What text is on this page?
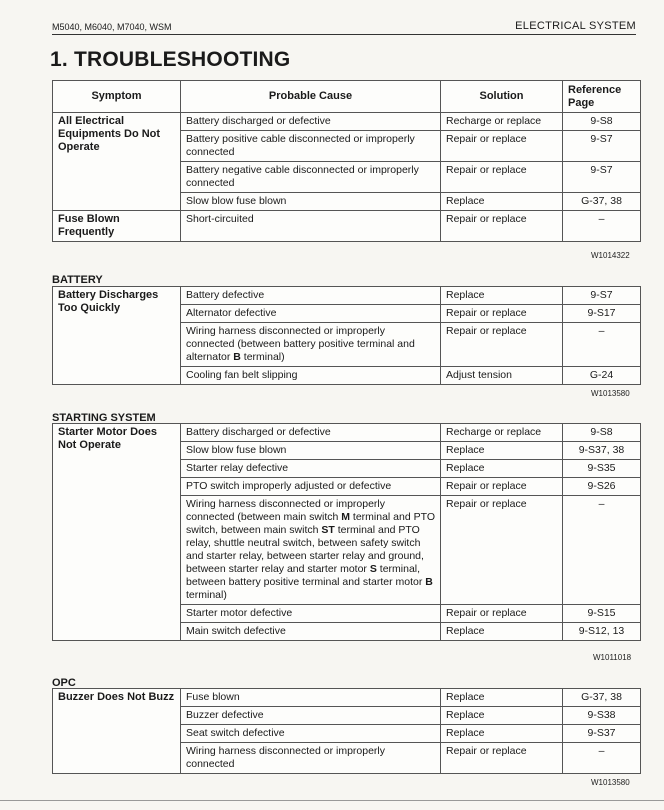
M5040, M6040, M7040, WSM	ELECTRICAL SYSTEM
1. TROUBLESHOOTING
Symptom	Probable Cause	Solution	Reference Page
All Electrical Equipments Do Not Operate	Battery discharged or defective	Recharge or replace	9-S8
	Battery positive cable disconnected or improperly connected	Repair or replace	9-S7
	Battery negative cable disconnected or improperly connected	Repair or replace	9-S7
	Slow blow fuse blown	Replace	G-37, 38
Fuse Blown Frequently	Short-circuited	Repair or replace	–
W1014322
BATTERY
Battery Discharges Too Quickly	Battery defective	Replace	9-S7
	Alternator defective	Repair or replace	9-S17
	Wiring harness disconnected or improperly connected (between battery positive terminal and alternator B terminal)	Repair or replace	–
	Cooling fan belt slipping	Adjust tension	G-24
W1013580
STARTING SYSTEM
Starter Motor Does Not Operate	Battery discharged or defective	Recharge or replace	9-S8
	Slow blow fuse blown	Replace	9-S37, 38
	Starter relay defective	Replace	9-S35
	PTO switch improperly adjusted or defective	Repair or replace	9-S26
	Wiring harness disconnected or improperly connected (between main switch M terminal and PTO switch, between main switch ST terminal and PTO relay, shuttle neutral switch, between safety switch and starter relay, between starter relay and ground, between starter relay and starter motor S terminal, between battery positive terminal and starter motor B terminal)	Repair or replace	–
	Starter motor defective	Repair or replace	9-S15
	Main switch defective	Replace	9-S12, 13
W1011018
OPC
Buzzer Does Not Buzz	Fuse blown	Replace	G-37, 38
	Buzzer defective	Replace	9-S38
	Seat switch defective	Replace	9-S37
	Wiring harness disconnected or improperly connected	Repair or replace	–
W1013580
